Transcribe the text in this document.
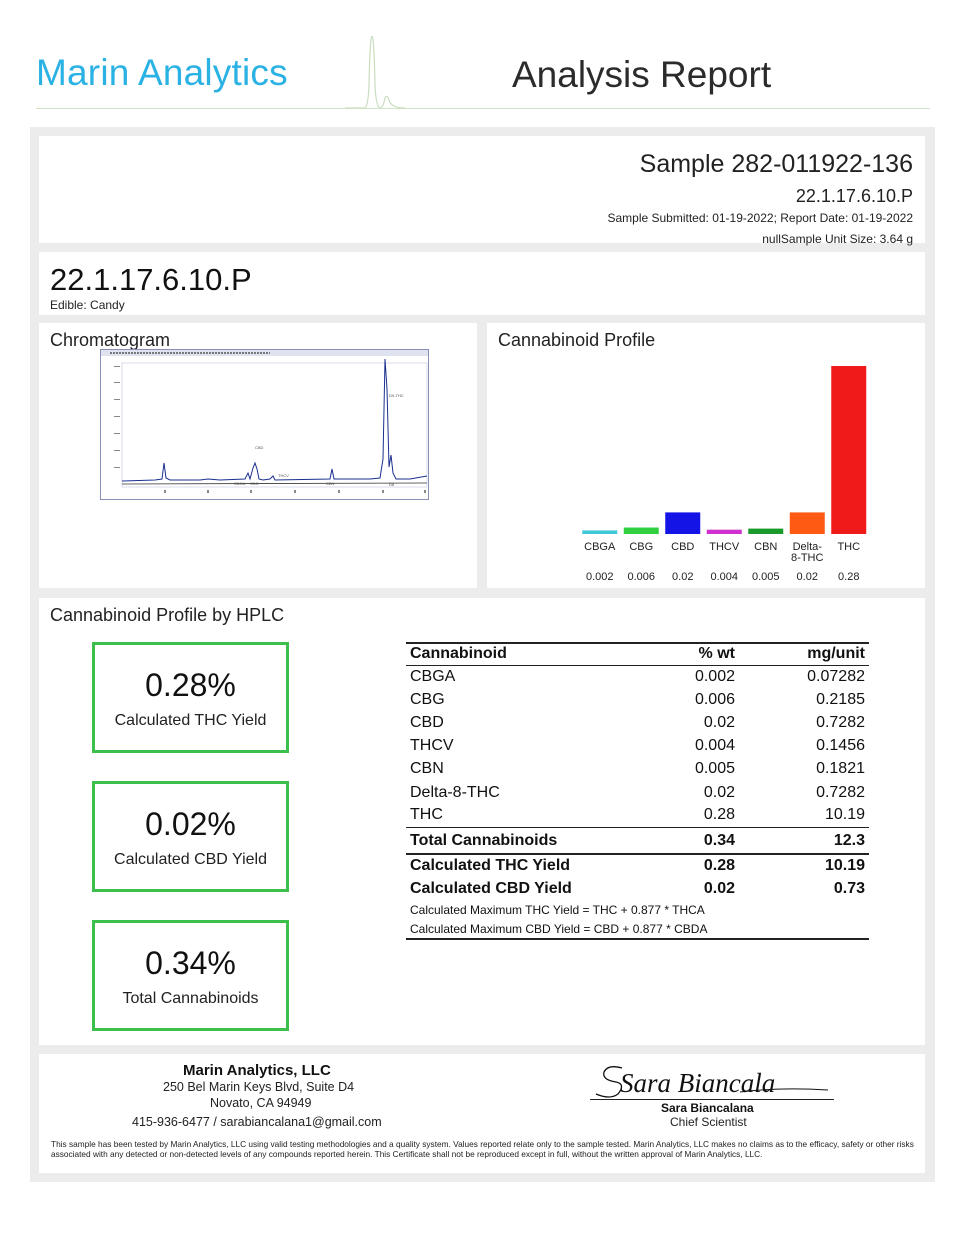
Marin Analytics	Analysis Report
Sample 282-011922-136
22.1.17.6.10.P
Sample Submitted: 01-19-2022; Report Date: 01-19-2022
nullSample Unit Size: 3.64 g
22.1.17.6.10.P
Edible: Candy
Chromatogram
D9-THC
CBD
THCV
CBN
CBGA CBG	D8
Cannabinoid Profile
CBGA
0.002
CBG
0.006
CBD
0.02
THCV
0.004
CBN
0.005
Delta-
8-THC
0.02
THC
0.28
Cannabinoid Profile by HPLC
0.28%
Calculated THC Yield
0.02%
Calculated CBD Yield
0.34%
Total Cannabinoids
Cannabinoid	% wt	mg/unit
CBGA	0.002	0.07282
CBG	0.006	0.2185
CBD	0.02	0.7282
THCV	0.004	0.1456
CBN	0.005	0.1821
Delta-8-THC	0.02	0.7282
THC	0.28	10.19
Total Cannabinoids	0.34	12.3
Calculated THC Yield	0.28	10.19
Calculated CBD Yield	0.02	0.73
Calculated Maximum THC Yield = THC + 0.877 * THCA		
Calculated Maximum CBD Yield = CBD + 0.877 * CBDA		
Marin Analytics, LLC
250 Bel Marin Keys Blvd, Suite D4
Novato, CA 94949
415-936-6477 / sarabiancalana1@gmail.com
Sara Biancala
Sara Biancalana
Chief Scientist
This sample has been tested by Marin Analytics, LLC using valid testing methodologies and a quality system. Values reported relate only to the sample tested. Marin Analytics, LLC makes no claims as to the efficacy, safety or other risks associated with any detected or non-detected levels of any compounds reported herein. This Certificate shall not be reproduced except in full, without the written approval of Marin Analytics, LLC.
